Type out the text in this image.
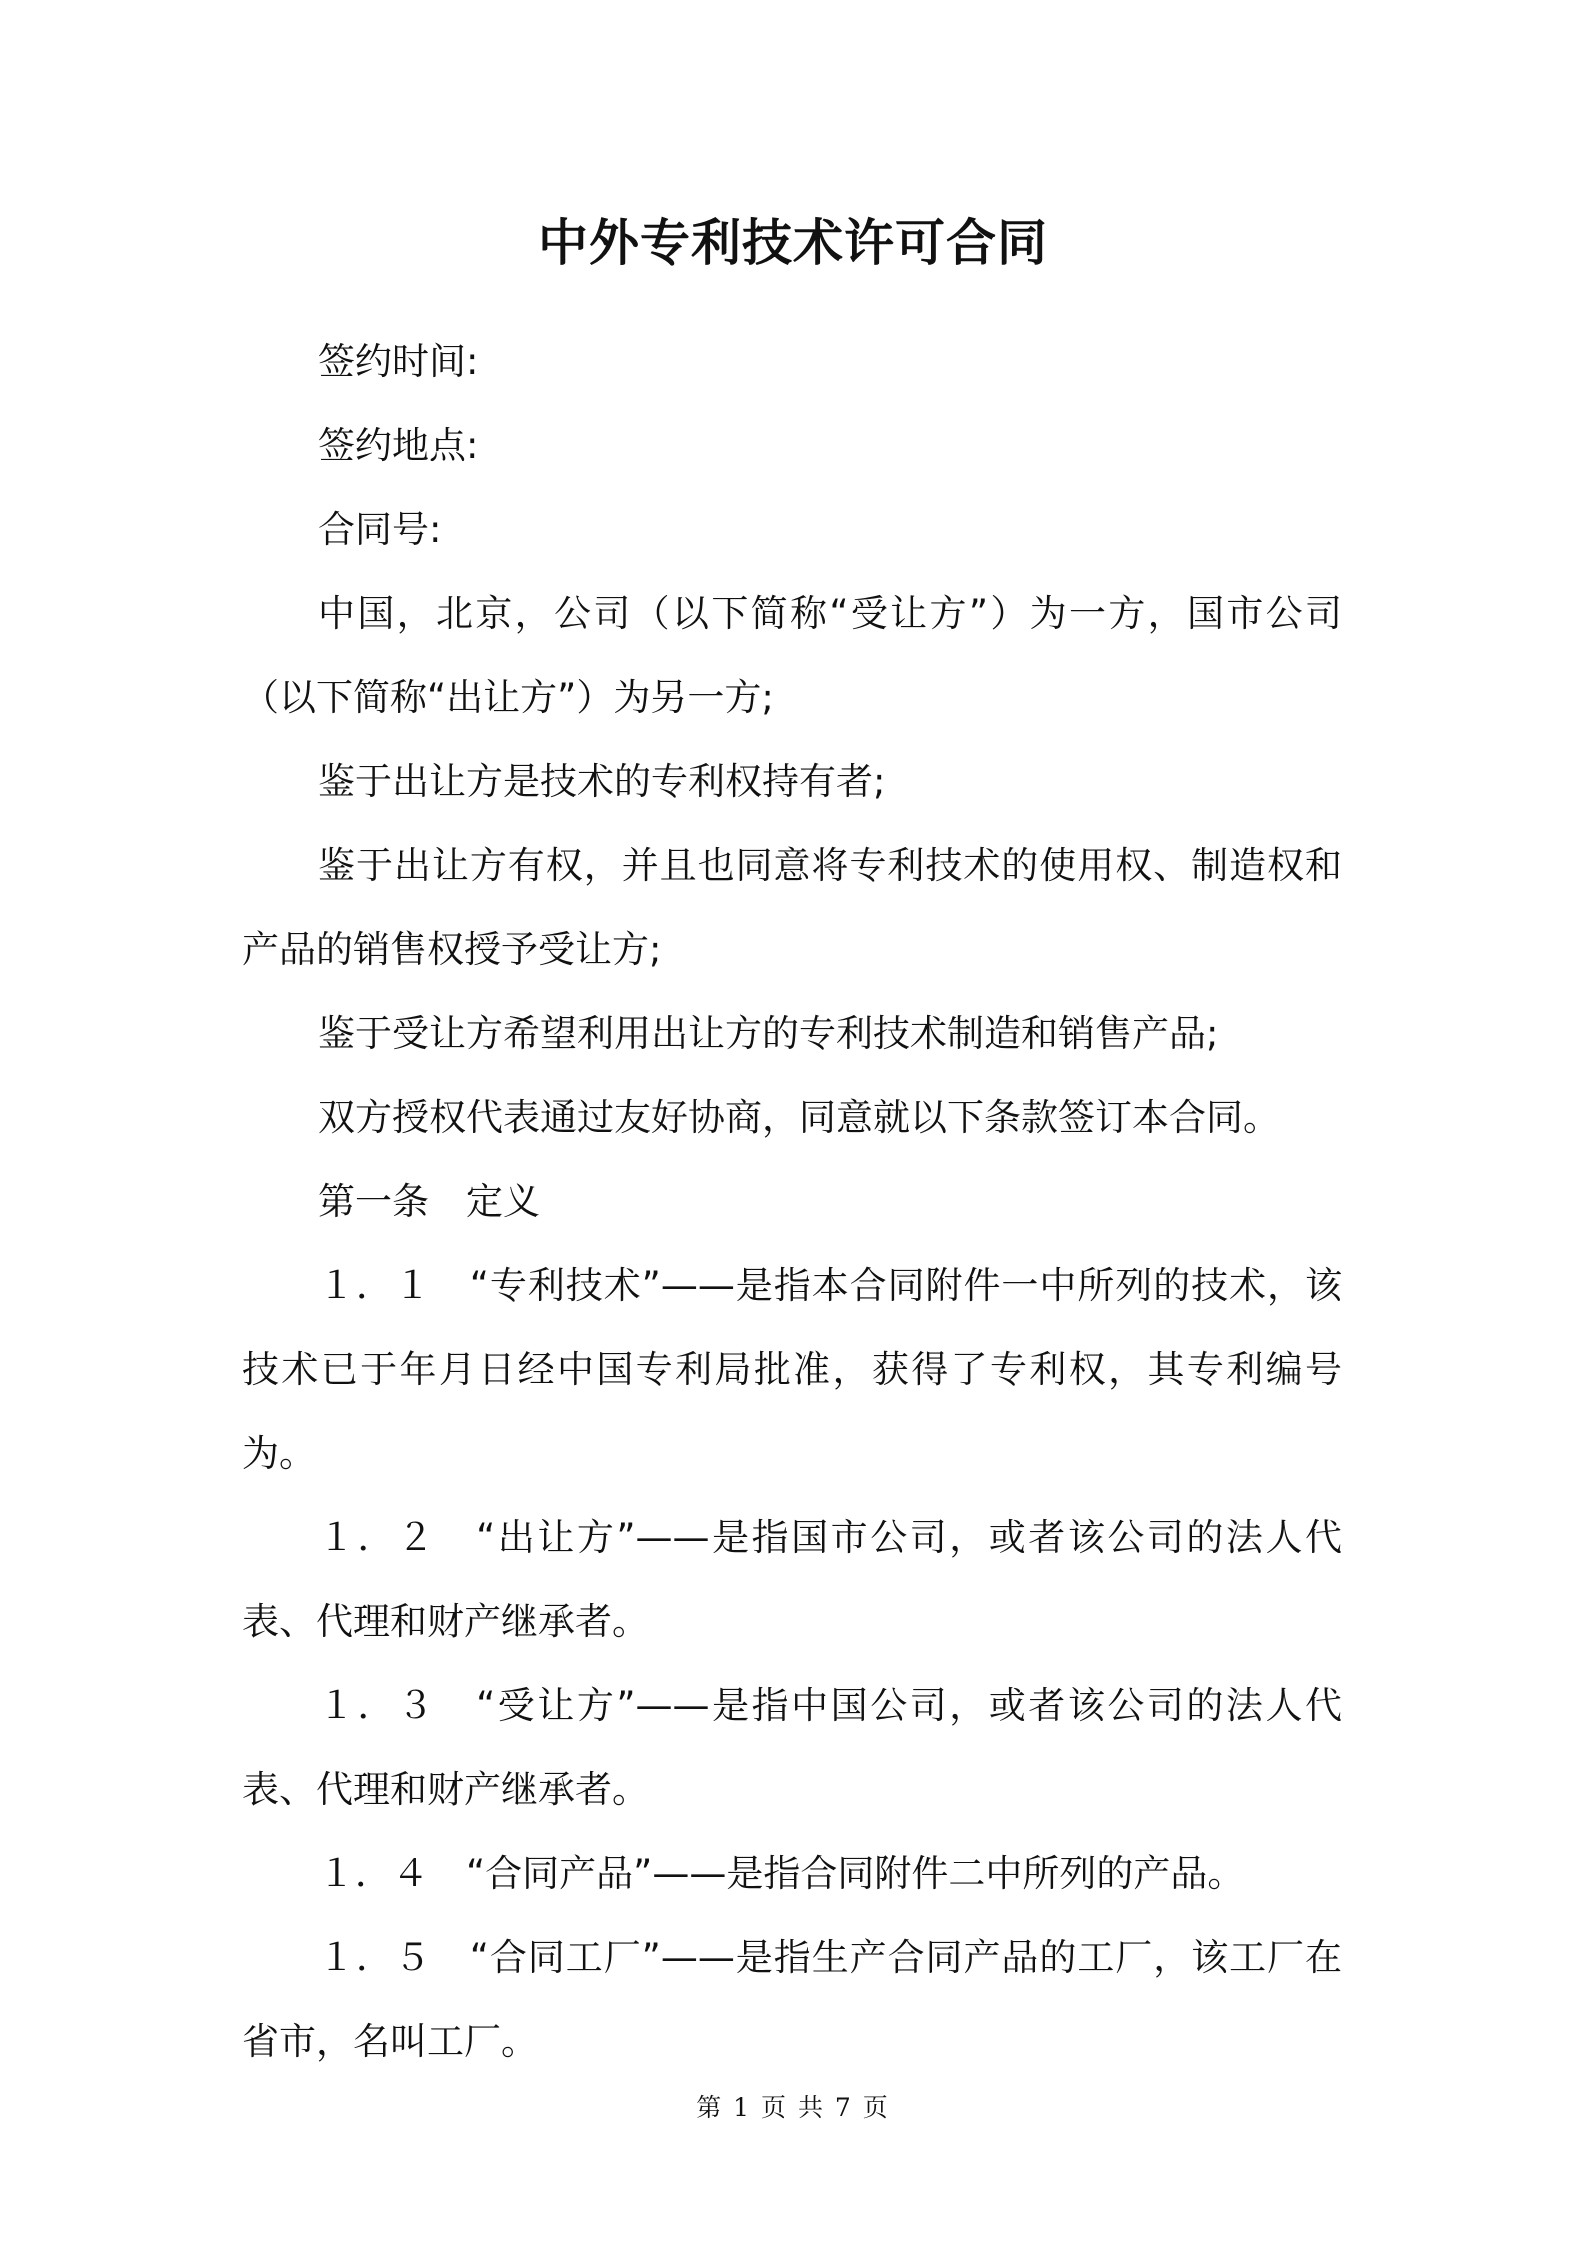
中外专利技术许可合同

签约时间:

签约地点:

合同号:

中国，北京，公司（以下简称“受让方”）为一方，国市公司（以下简称“出让方”）为另一方;

鉴于出让方是技术的专利权持有者;

鉴于出让方有权，并且也同意将专利技术的使用权、制造权和产品的销售权授予受让方;

鉴于受让方希望利用出让方的专利技术制造和销售产品;

双方授权代表通过友好协商，同意就以下条款签订本合同。

第一条　定义

１．１　“专利技术”——是指本合同附件一中所列的技术，该技术已于年月日经中国专利局批准，获得了专利权，其专利编号为。

１．２　“出让方”——是指国市公司，或者该公司的法人代表、代理和财产继承者。

１．３　“受让方”——是指中国公司，或者该公司的法人代表、代理和财产继承者。

１．４　“合同产品”——是指合同附件二中所列的产品。

１．５　“合同工厂”——是指生产合同产品的工厂，该工厂在省市，名叫工厂。

第 1 页 共 7 页
